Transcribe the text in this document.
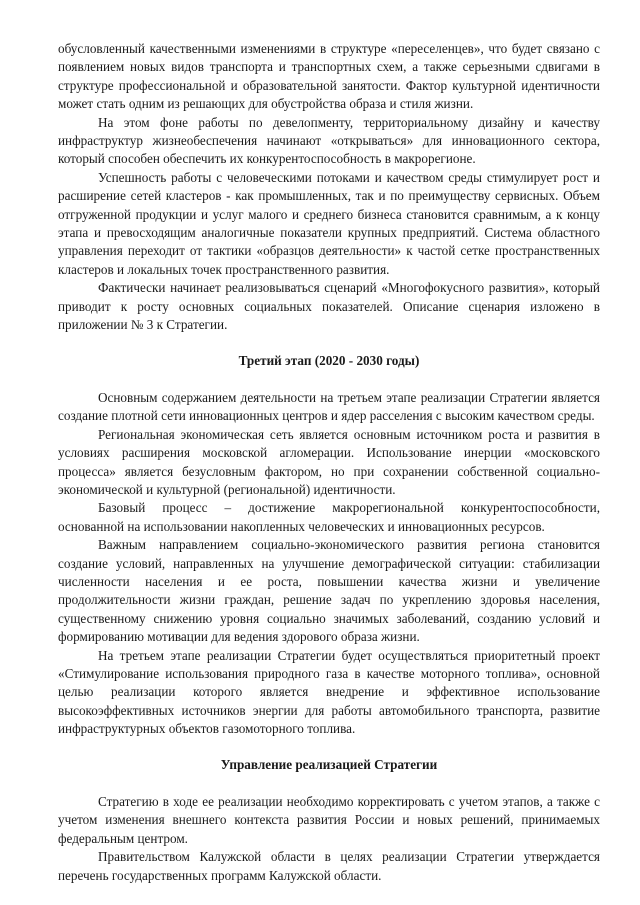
обусловленный качественными изменениями в структуре «переселенцев», что будет связано с появлением новых видов транспорта и транспортных схем, а также серьезными сдвигами в структуре профессиональной и образовательной занятости. Фактор культурной идентичности может стать одним из решающих для обустройства образа и стиля жизни.

На этом фоне работы по девелопменту, территориальному дизайну и качеству инфраструктур жизнеобеспечения начинают «открываться» для инновационного сектора, который способен обеспечить их конкурентоспособность в макрорегионе.

Успешность работы с человеческими потоками и качеством среды стимулирует рост и расширение сетей кластеров - как промышленных, так и по преимуществу сервисных. Объем отгруженной продукции и услуг малого и среднего бизнеса становится сравнимым, а к концу этапа и превосходящим аналогичные показатели крупных предприятий. Система областного управления переходит от тактики «образцов деятельности» к частой сетке пространственных кластеров и локальных точек пространственного развития.

Фактически начинает реализовываться сценарий «Многофокусного развития», который приводит к росту основных социальных показателей. Описание сценария изложено в приложении № 3 к Стратегии.

Третий этап (2020 - 2030 годы)

Основным содержанием деятельности на третьем этапе реализации Стратегии является создание плотной сети инновационных центров и ядер расселения с высоким качеством среды.

Региональная экономическая сеть является основным источником роста и развития в условиях расширения московской агломерации. Использование инерции «московского процесса» является безусловным фактором, но при сохранении собственной социально-экономической и культурной (региональной) идентичности.

Базовый процесс – достижение макрорегиональной конкурентоспособности, основанной на использовании накопленных человеческих и инновационных ресурсов.

Важным направлением социально-экономического развития региона становится создание условий, направленных на улучшение демографической ситуации: стабилизации численности населения и ее роста, повышении качества жизни и увеличение продолжительности жизни граждан, решение задач по укреплению здоровья населения, существенному снижению уровня социально значимых заболеваний, созданию условий и формированию мотивации для ведения здорового образа жизни.

На третьем этапе реализации Стратегии будет осуществляться приоритетный проект «Стимулирование использования природного газа в качестве моторного топлива», основной целью реализации которого является внедрение и эффективное использование высокоэффективных источников энергии для работы автомобильного транспорта, развитие инфраструктурных объектов газомоторного топлива.

Управление реализацией Стратегии

Стратегию в ходе ее реализации необходимо корректировать с учетом этапов, а также с учетом изменения внешнего контекста развития России и новых решений, принимаемых федеральным центром.

Правительством Калужской области в целях реализации Стратегии утверждается перечень государственных программ Калужской области.
